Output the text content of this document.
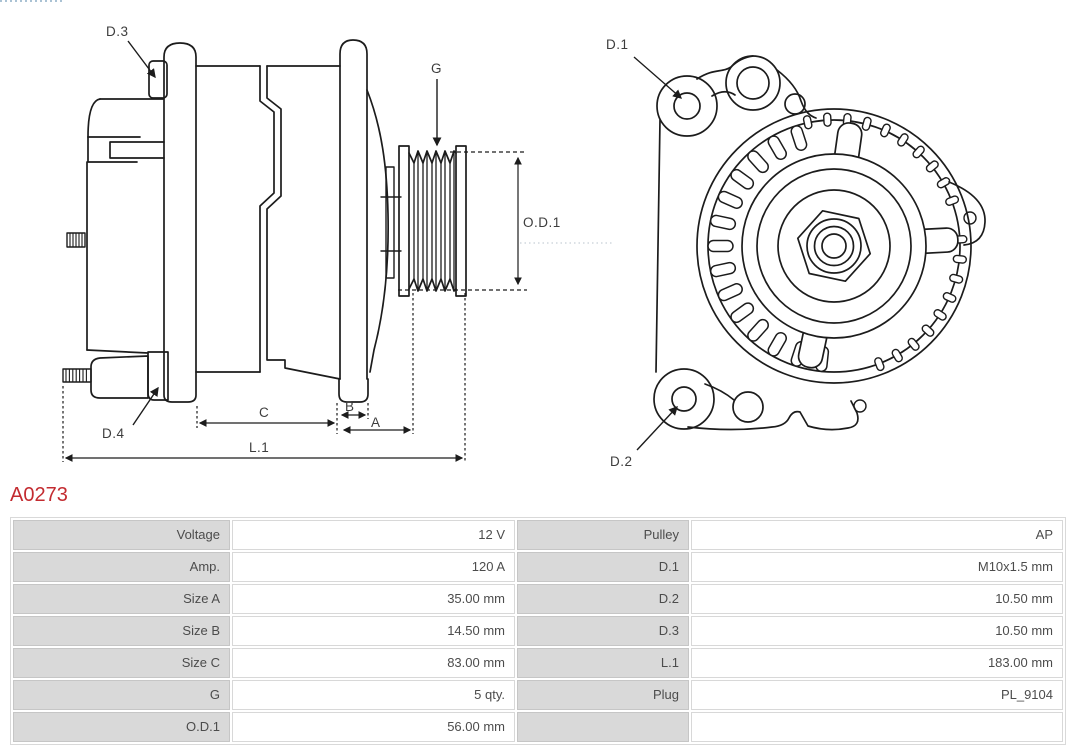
D.3
G
O.D.1
D.4
C	B
A
L.1
D.1
D.2
A0273
Voltage	12 V	Pulley	AP
Amp.	120 A	D.1	M10x1.5 mm
Size A	35.00 mm	D.2	10.50 mm
Size B	14.50 mm	D.3	10.50 mm
Size C	83.00 mm	L.1	183.00 mm
G	5 qty.	Plug	PL_9104
O.D.1	56.00 mm
